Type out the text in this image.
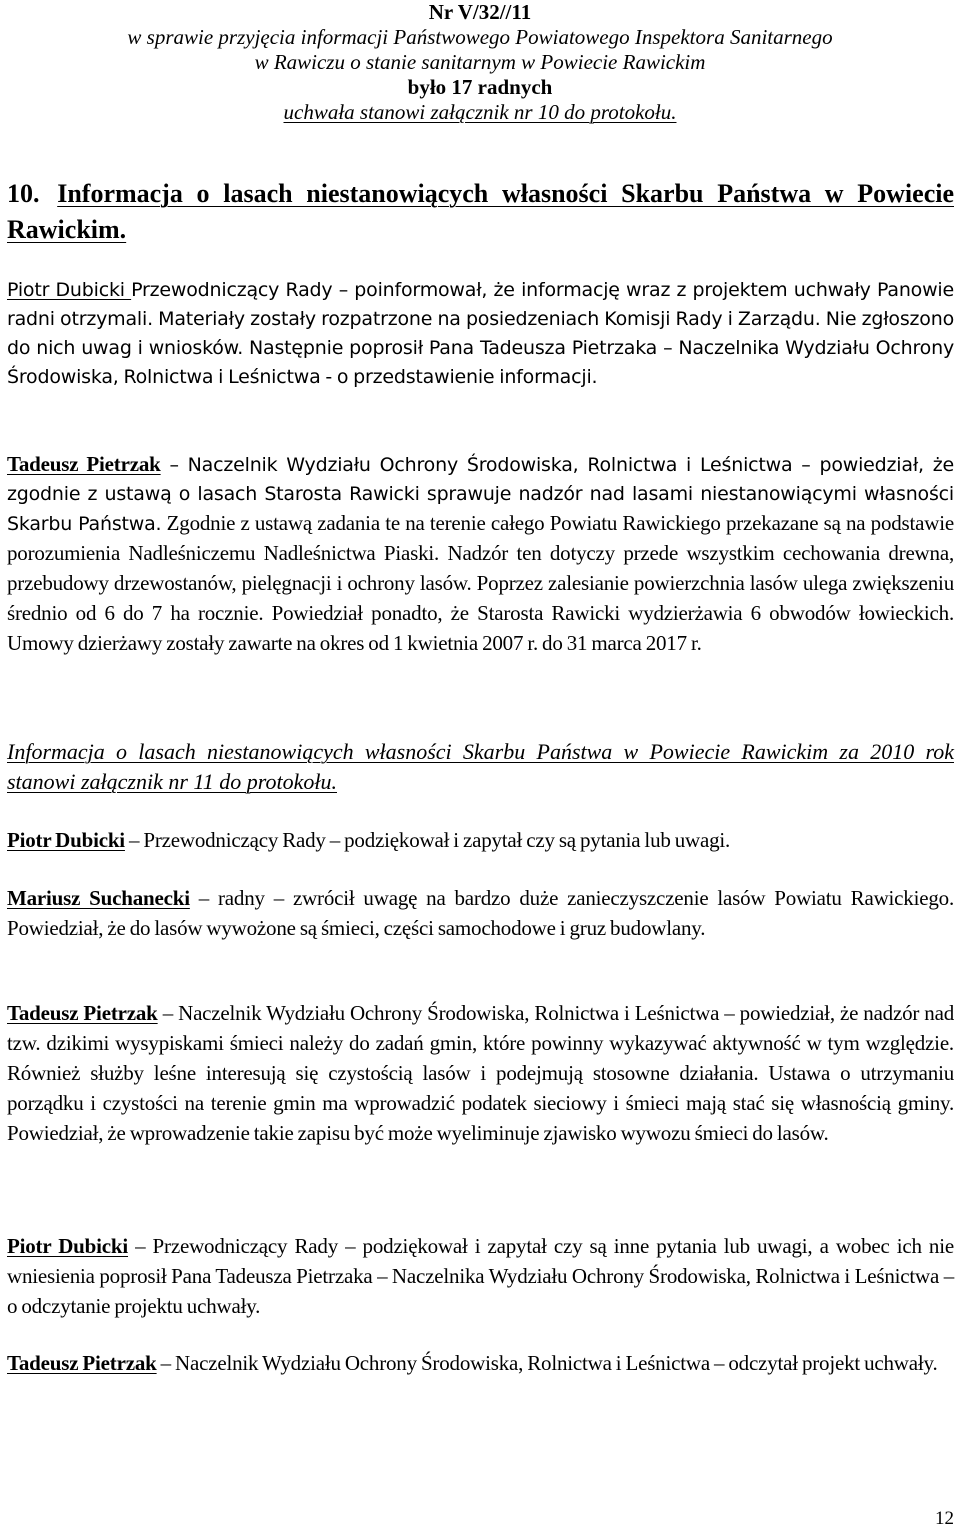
Nr V/32//11
w sprawie przyjęcia informacji Państwowego Powiatowego Inspektora Sanitarnego
w Rawiczu o stanie sanitarnym w Powiecie Rawickim
było 17 radnych
uchwała stanowi załącznik nr 10 do protokołu.
10. Informacja o lasach niestanowiących własności Skarbu Państwa w Powiecie Rawickim.
Piotr Dubicki Przewodniczący Rady – poinformował, że informację wraz z projektem uchwały Panowie radni otrzymali. Materiały zostały rozpatrzone na posiedzeniach Komisji Rady i Zarządu. Nie zgłoszono do nich uwag i wniosków. Następnie poprosił Pana Tadeusza Pietrzaka – Naczelnika Wydziału Ochrony Środowiska, Rolnictwa i Leśnictwa - o przedstawienie informacji.
Tadeusz Pietrzak – Naczelnik Wydziału Ochrony Środowiska, Rolnictwa i Leśnictwa – powiedział, że zgodnie z ustawą o lasach Starosta Rawicki sprawuje nadzór nad lasami niestanowiącymi własności Skarbu Państwa. Zgodnie z ustawą zadania te na terenie całego Powiatu Rawickiego przekazane są na podstawie porozumienia Nadleśniczemu Nadleśnictwa Piaski. Nadzór ten dotyczy przede wszystkim cechowania drewna, przebudowy drzewostanów, pielęgnacji i ochrony lasów. Poprzez zalesianie powierzchnia lasów ulega zwiększeniu średnio od 6 do 7 ha rocznie. Powiedział ponadto, że Starosta Rawicki wydzierżawia 6 obwodów łowieckich. Umowy dzierżawy zostały zawarte na okres od 1 kwietnia 2007 r. do 31 marca 2017 r.
Informacja o lasach niestanowiących własności Skarbu Państwa w Powiecie Rawickim za 2010 rok stanowi załącznik nr 11 do protokołu.
Piotr Dubicki – Przewodniczący Rady – podziękował i zapytał czy są pytania lub uwagi.
Mariusz Suchanecki – radny – zwrócił uwagę na bardzo duże zanieczyszczenie lasów Powiatu Rawickiego. Powiedział, że do lasów wywożone są śmieci, części samochodowe i gruz budowlany.
Tadeusz Pietrzak – Naczelnik Wydziału Ochrony Środowiska, Rolnictwa i Leśnictwa – powiedział, że nadzór nad tzw. dzikimi wysypiskami śmieci należy do zadań gmin, które powinny wykazywać aktywność w tym względzie. Również służby leśne interesują się czystością lasów i podejmują stosowne działania. Ustawa o utrzymaniu porządku i czystości na terenie gmin ma wprowadzić podatek sieciowy i śmieci mają stać się własnością gminy. Powiedział, że wprowadzenie takie zapisu być może wyeliminuje zjawisko wywozu śmieci do lasów.
Piotr Dubicki – Przewodniczący Rady – podziękował i zapytał czy są inne pytania lub uwagi, a wobec ich nie wniesienia poprosił Pana Tadeusza Pietrzaka – Naczelnika Wydziału Ochrony Środowiska, Rolnictwa i Leśnictwa – o odczytanie projektu uchwały.
Tadeusz Pietrzak – Naczelnik Wydziału Ochrony Środowiska, Rolnictwa i Leśnictwa – odczytał projekt uchwały.
12
